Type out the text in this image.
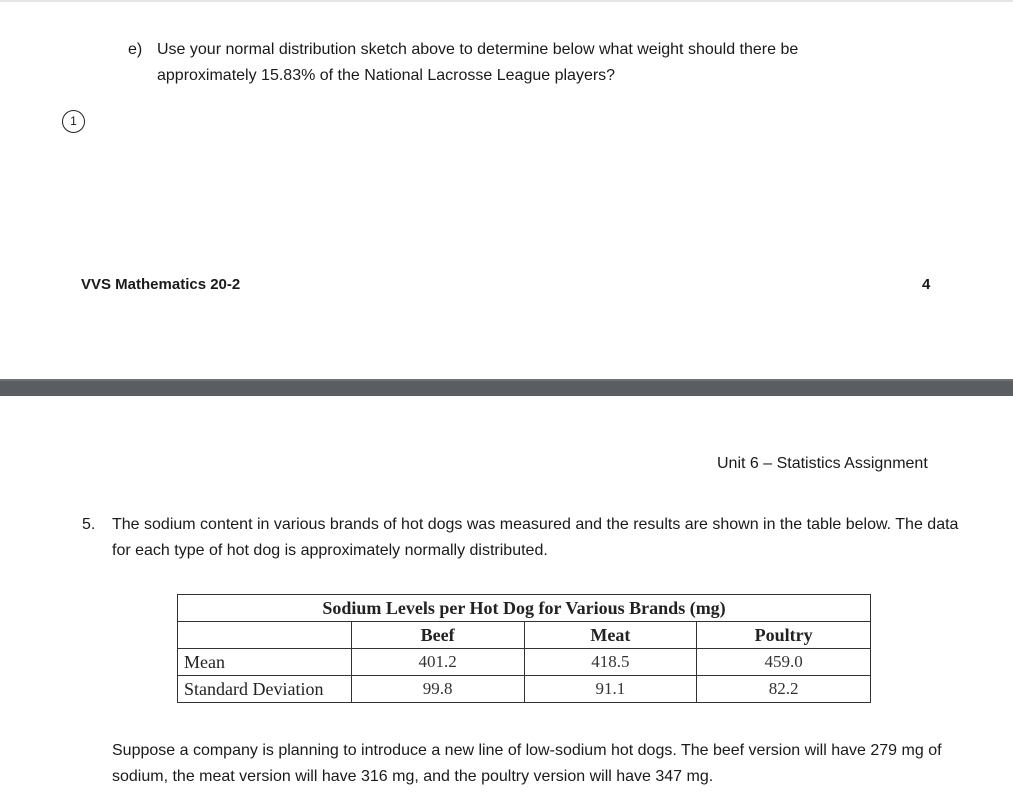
e) Use your normal distribution sketch above to determine below what weight should there be approximately 15.83% of the National Lacrosse League players?
1
VVS Mathematics 20-2	4
Unit 6 – Statistics Assignment
5. The sodium content in various brands of hot dogs was measured and the results are shown in the table below. The data for each type of hot dog is approximately normally distributed.
Sodium Levels per Hot Dog for Various Brands (mg)			
	Beef	Meat	Poultry
Mean	401.2	418.5	459.0
Standard Deviation	99.8	91.1	82.2
Suppose a company is planning to introduce a new line of low-sodium hot dogs. The beef version will have 279 mg of sodium, the meat version will have 316 mg, and the poultry version will have 347 mg.
